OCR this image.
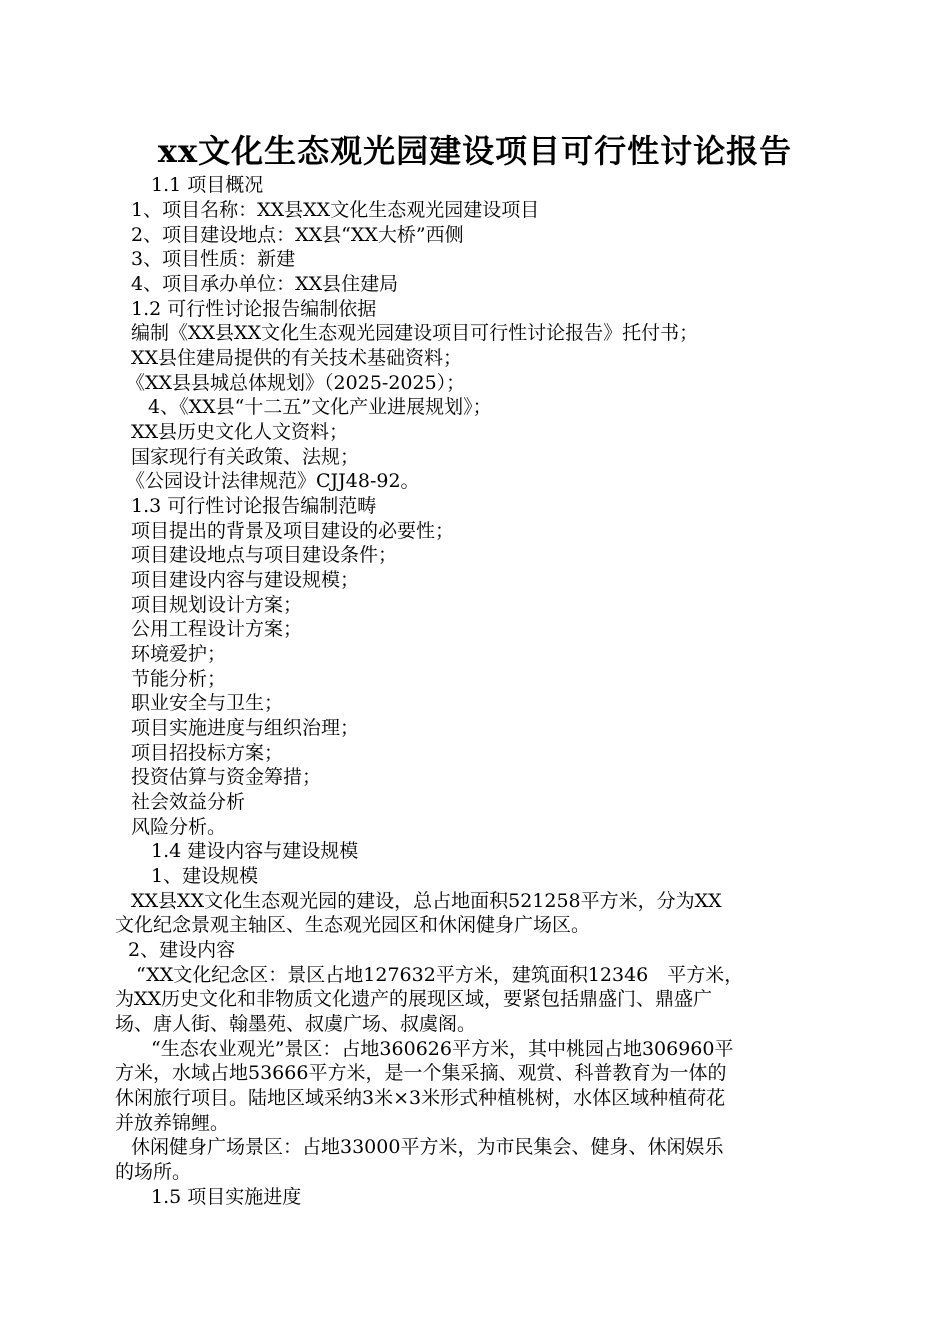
xx文化生态观光园建设项目可行性讨论报告
1.1 项目概况
1、项目名称：XX县XX文化生态观光园建设项目
2、项目建设地点：XX县“XX大桥”西侧
3、项目性质：新建
4、项目承办单位：XX县住建局
1.2 可行性讨论报告编制依据
编制《XX县XX文化生态观光园建设项目可行性讨论报告》托付书；
XX县住建局提供的有关技术基础资料；
《XX县县城总体规划》（2025-2025）；
4、《XX县“十二五”文化产业进展规划》；
XX县历史文化人文资料；
国家现行有关政策、法规；
《公园设计法律规范》CJJ48-92。
1.3 可行性讨论报告编制范畴
项目提出的背景及项目建设的必要性；
项目建设地点与项目建设条件；
项目建设内容与建设规模；
项目规划设计方案；
公用工程设计方案；
环境爱护；
节能分析；
职业安全与卫生；
项目实施进度与组织治理；
项目招投标方案；
投资估算与资金筹措；
社会效益分析
风险分析。
1.4 建设内容与建设规模
1、建设规模
XX县XX文化生态观光园的建设，总占地面积521258平方米，分为XX
文化纪念景观主轴区、生态观光园区和休闲健身广场区。
2、建设内容
“XX文化纪念区：景区占地127632平方米，建筑面积12346　平方米，
为XX历史文化和非物质文化遗产的展现区域，要紧包括鼎盛门、鼎盛广
场、唐人街、翰墨苑、叔虞广场、叔虞阁。
“生态农业观光”景区：占地360626平方米，其中桃园占地306960平
方米，水域占地53666平方米，是一个集采摘、观赏、科普教育为一体的
休闲旅行项目。陆地区域采纳3米×3米形式种植桃树，水体区域种植荷花
并放养锦鲤。
休闲健身广场景区：占地33000平方米，为市民集会、健身、休闲娱乐
的场所。
1.5 项目实施进度
